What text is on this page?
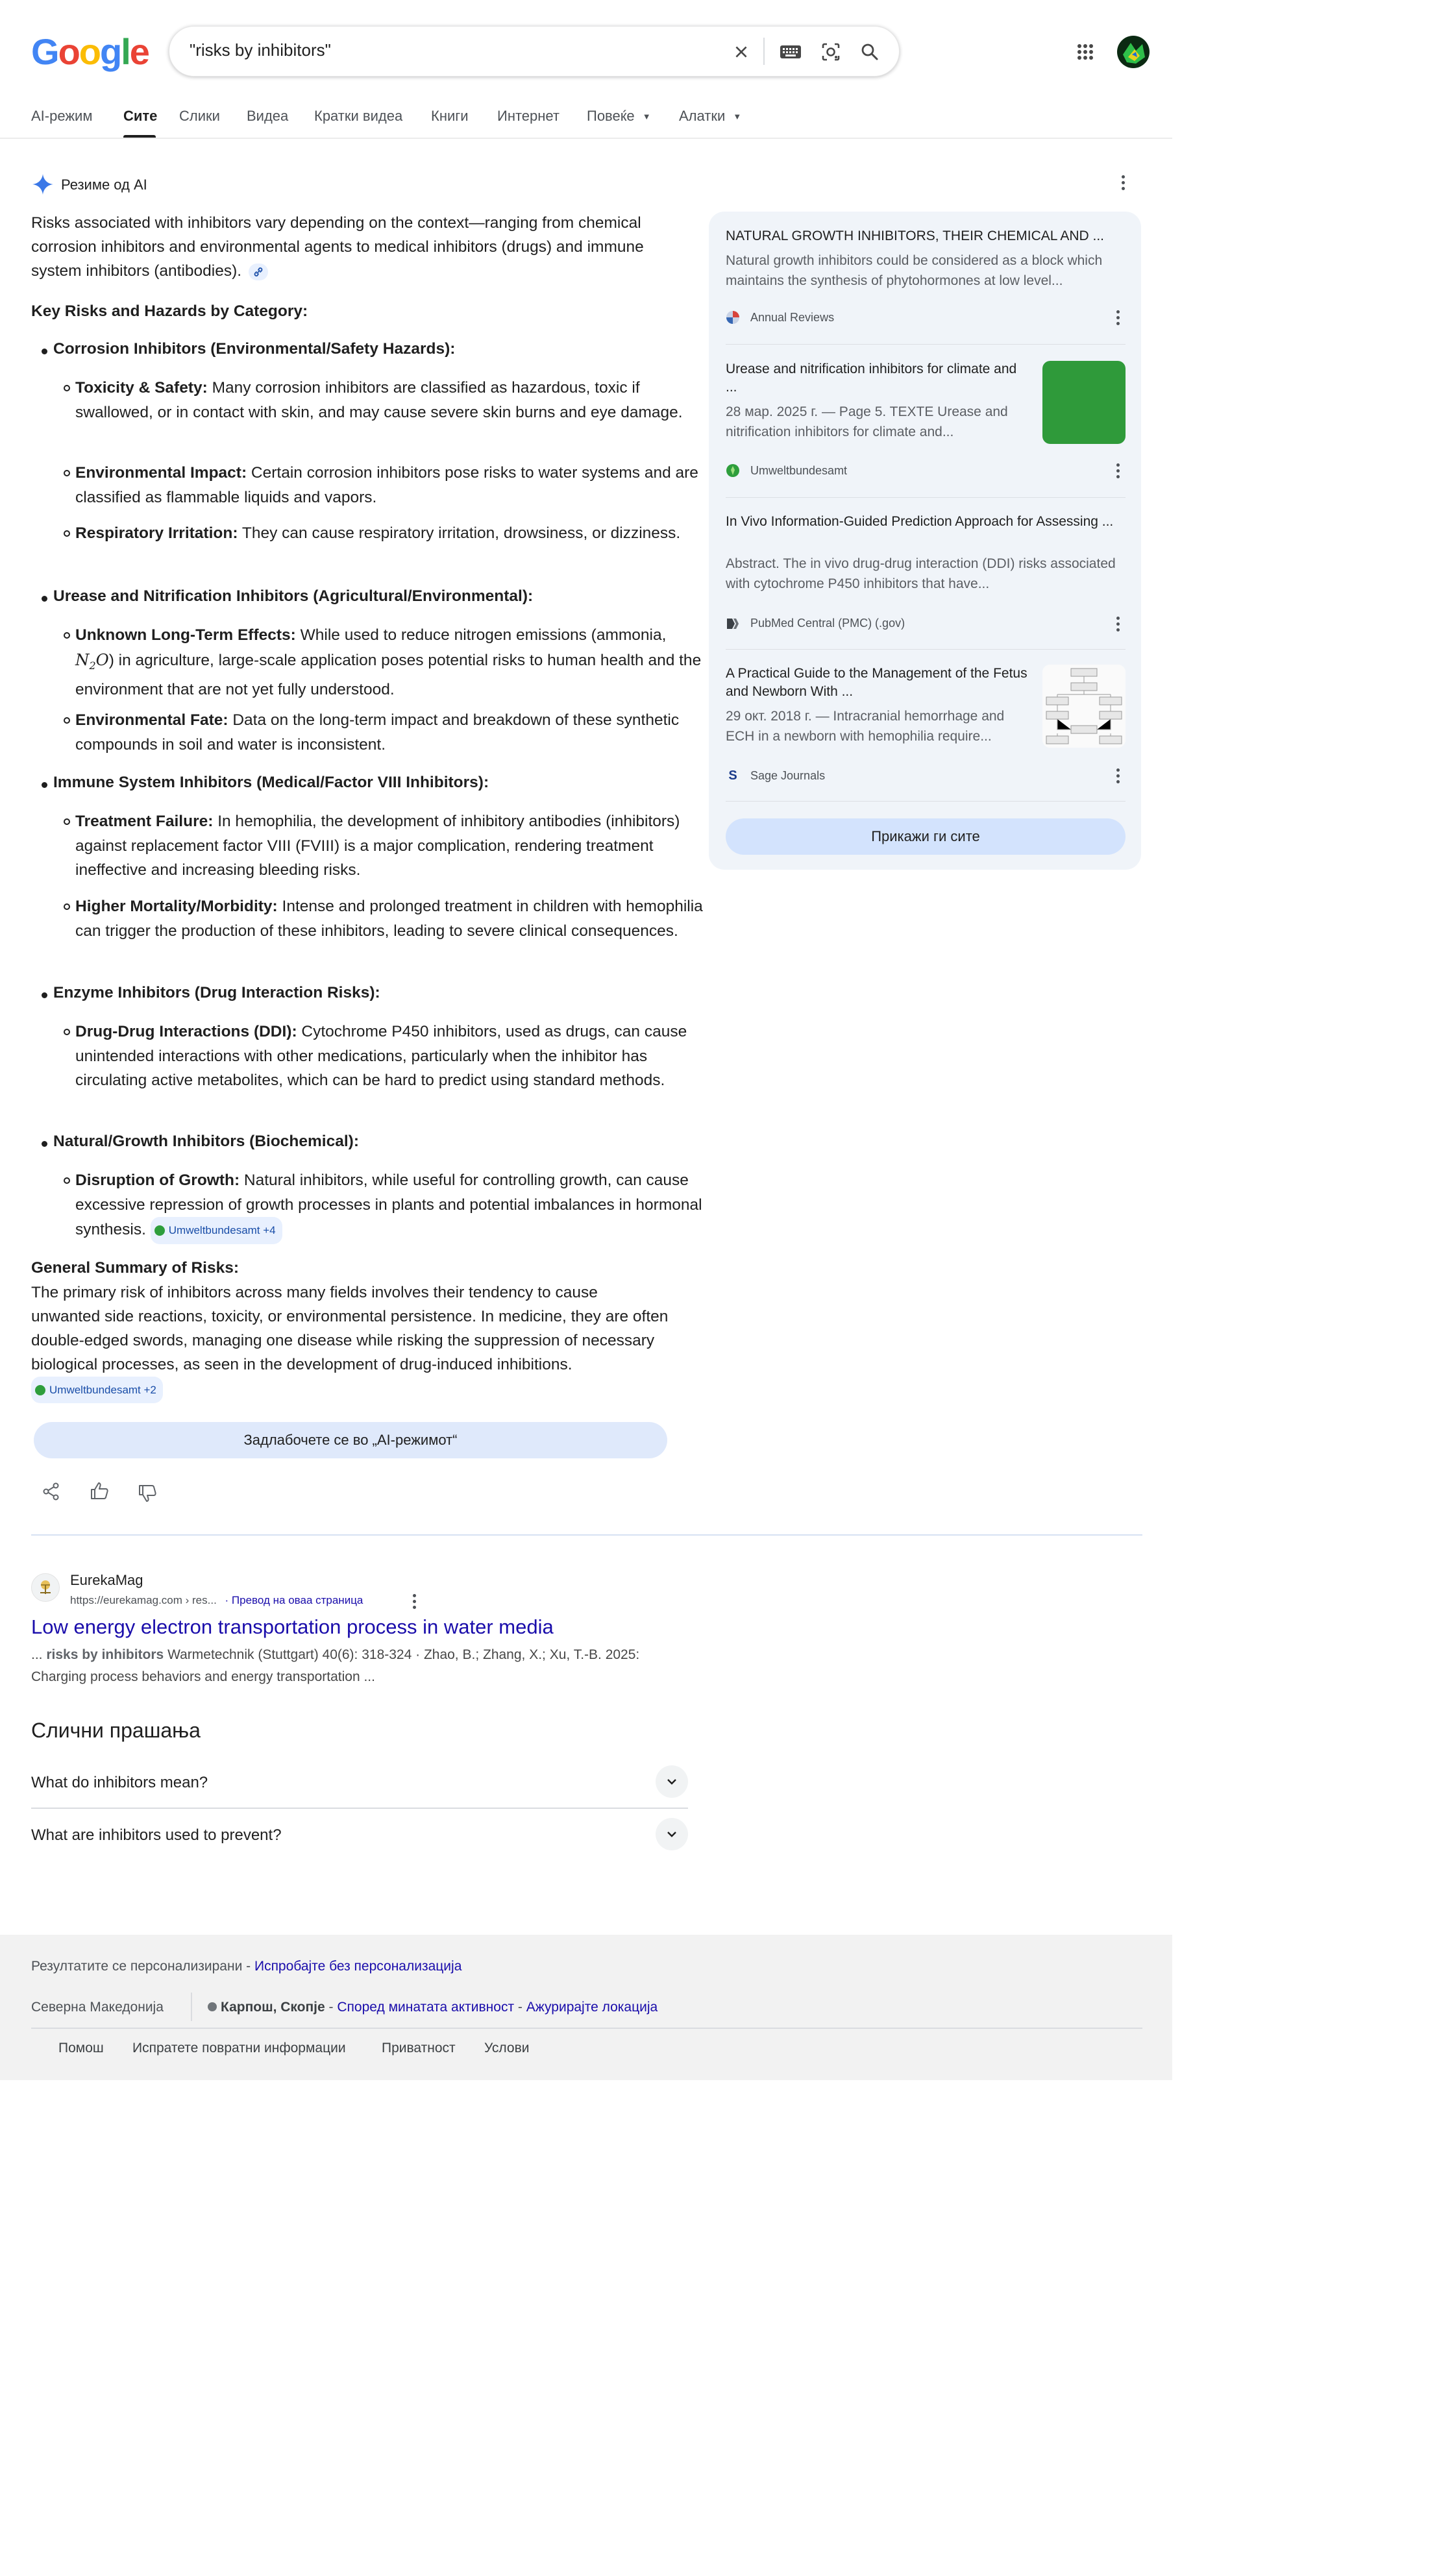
Google "risks by inhibitors"
AI-режим Сите Слики Видеа Кратки видеа Книги Интернет Повеќе ▼ Алатки ▼
Резиме од AI
Risks associated with inhibitors vary depending on the context—ranging from chemical corrosion inhibitors and environmental agents to medical inhibitors (drugs) and immune system inhibitors (antibodies).
Key Risks and Hazards by Category:
Corrosion Inhibitors (Environmental/Safety Hazards):
Toxicity & Safety: Many corrosion inhibitors are classified as hazardous, toxic if swallowed, or in contact with skin, and may cause severe skin burns and eye damage.
Environmental Impact: Certain corrosion inhibitors pose risks to water systems and are classified as flammable liquids and vapors.
Respiratory Irritation: They can cause respiratory irritation, drowsiness, or dizziness.
Urease and Nitrification Inhibitors (Agricultural/Environmental):
Unknown Long-Term Effects: While used to reduce nitrogen emissions (ammonia, $N_2O$) in agriculture, large-scale application poses potential risks to human health and the environment that are not yet fully understood.
Environmental Fate: Data on the long-term impact and breakdown of these synthetic compounds in soil and water is inconsistent.
Immune System Inhibitors (Medical/Factor VIII Inhibitors):
Treatment Failure: In hemophilia, the development of inhibitory antibodies (inhibitors) against replacement factor VIII (FVIII) is a major complication, rendering treatment ineffective and increasing bleeding risks.
Higher Mortality/Morbidity: Intense and prolonged treatment in children with hemophilia can trigger the production of these inhibitors, leading to severe clinical consequences.
Enzyme Inhibitors (Drug Interaction Risks):
Drug-Drug Interactions (DDI): Cytochrome P450 inhibitors, used as drugs, can cause unintended interactions with other medications, particularly when the inhibitor has circulating active metabolites, which can be hard to predict using standard methods.
Natural/Growth Inhibitors (Biochemical):
Disruption of Growth: Natural inhibitors, while useful for controlling growth, can cause excessive repression of growth processes in plants and potential imbalances in hormonal synthesis. Umweltbundesamt +4
General Summary of Risks:
The primary risk of inhibitors across many fields involves their tendency to cause unwanted side reactions, toxicity, or environmental persistence. In medicine, they are often double-edged swords, managing one disease while risking the suppression of necessary biological processes, as seen in the development of drug-induced inhibitions.
Umweltbundesamt +2
Задлабочете се во „AI-режимот“
NATURAL GROWTH INHIBITORS, THEIR CHEMICAL AND ...
Natural growth inhibitors could be considered as a block which maintains the synthesis of phytohormones at low level...
Annual Reviews
Urease and nitrification inhibitors for climate and ...
28 мар. 2025 г. — Page 5. TEXTE Urease and nitrification inhibitors for climate and...
Umweltbundesamt
In Vivo Information-Guided Prediction Approach for Assessing ...
Abstract. The in vivo drug-drug interaction (DDI) risks associated with cytochrome P450 inhibitors that have...
PubMed Central (PMC) (.gov)
A Practical Guide to the Management of the Fetus and Newborn With ...
29 окт. 2018 г. — Intracranial hemorrhage and ECH in a newborn with hemophilia require...
S Sage Journals
Прикажи ги сите
EurekaMag
https://eurekamag.com › res... · Превод на оваа страница
Low energy electron transportation process in water media
... risks by inhibitors Warmetechnik (Stuttgart) 40(6): 318-324 · Zhao, B.; Zhang, X.; Xu, T.-B. 2025: Charging process behaviors and energy transportation ...
Слични прашања
What do inhibitors mean?
What are inhibitors used to prevent?
Резултатите се персонализирани - Испробајте без персонализација
Северна Македонија	Карпош, Скопје - Според минатата активност - Ажурирајте локација
Помош Испратете повратни информации	Приватност Услови
